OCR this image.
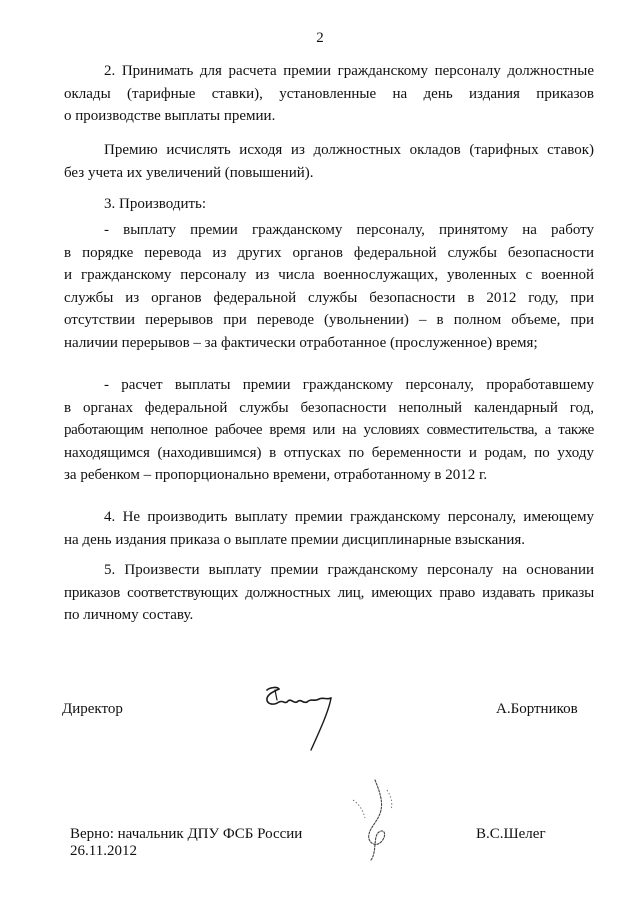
2
2. Принимать для расчета премии гражданскому персоналу должностные
оклады (тарифные ставки), установленные на день издания приказов
о производстве выплаты премии.
Премию исчислять исходя из должностных окладов (тарифных ставок)
без учета их увеличений (повышений).
3. Производить:
- выплату премии гражданскому персоналу, принятому на работу
в порядке перевода из других органов федеральной службы безопасности
и гражданскому персоналу из числа военнослужащих, уволенных с военной
службы из органов федеральной службы безопасности в 2012 году, при
отсутствии перерывов при переводе (увольнении) – в полном объеме, при
наличии перерывов – за фактически отработанное (прослуженное) время;
- расчет выплаты премии гражданскому персоналу, проработавшему
в органах федеральной службы безопасности неполный календарный год,
работающим неполное рабочее время или на условиях совместительства, а также
находящимся (находившимся) в отпусках по беременности и родам, по уходу
за ребенком – пропорционально времени, отработанному в 2012 г.
4. Не производить выплату премии гражданскому персоналу, имеющему
на день издания приказа о выплате премии дисциплинарные взыскания.
5. Произвести выплату премии гражданскому персоналу на основании
приказов соответствующих должностных лиц, имеющих право издавать приказы
по личному составу.
Директор	А.Бортников
Верно: начальник ДПУ ФСБ России
26.11.2012
В.С.Шелег
